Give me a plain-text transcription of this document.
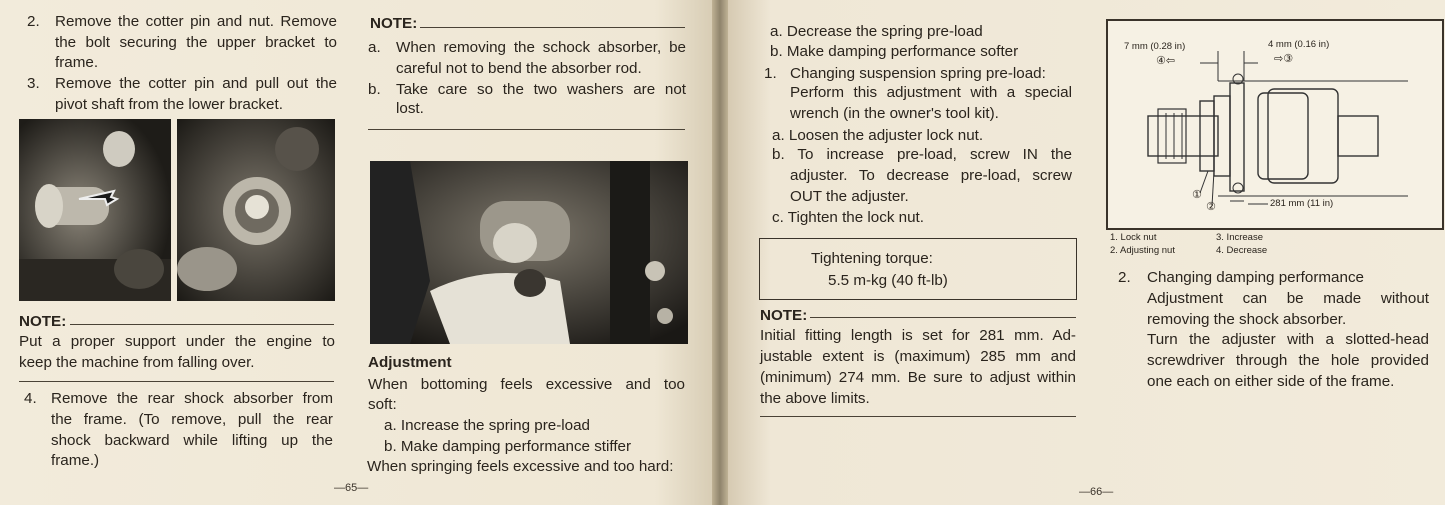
2. Remove the cotter pin and nut. Remove
the bolt securing the upper bracket to
frame.
3. Remove the cotter pin and pull out the
pivot shaft from the lower bracket.
NOTE:
Put a proper support under the engine to
keep the machine from falling over.
4. Remove the rear shock absorber from
the frame. (To remove, pull the rear
shock backward while lifting up the
frame.)
NOTE:
a. When removing the schock absorber, be
careful not to bend the absorber rod.
b. Take care so the two washers are not
lost.
Adjustment
When bottoming feels excessive and too
soft:
a. Increase the spring pre-load
b. Make damping performance stiffer
When springing feels excessive and too hard:
—65—
a. Decrease the spring pre-load
b. Make damping performance softer
1. Changing suspension spring pre-load:
Perform this adjustment with a special
wrench (in the owner's tool kit).
a. Loosen the adjuster lock nut.
b. To increase pre-load, screw IN the
adjuster. To decrease pre-load, screw
OUT the adjuster.
c. Tighten the lock nut.
Tightening torque:
5.5 m-kg (40 ft-lb)
NOTE:
Initial fitting length is set for 281 mm. Ad-
justable extent is (maximum) 285 mm and
(minimum) 274 mm. Be sure to adjust within
the above limits.
7 mm (0.28 in)	4 mm (0.16 in)
④⇦	⇨③
①
②	281 mm (11 in)
1. Lock nut
2. Adjusting nut
3. Increase
4. Decrease
2. Changing damping performance
Adjustment can be made without
removing the shock absorber.
Turn the adjuster with a slotted-head
screwdriver through the hole provided
one each on either side of the frame.
—66—
